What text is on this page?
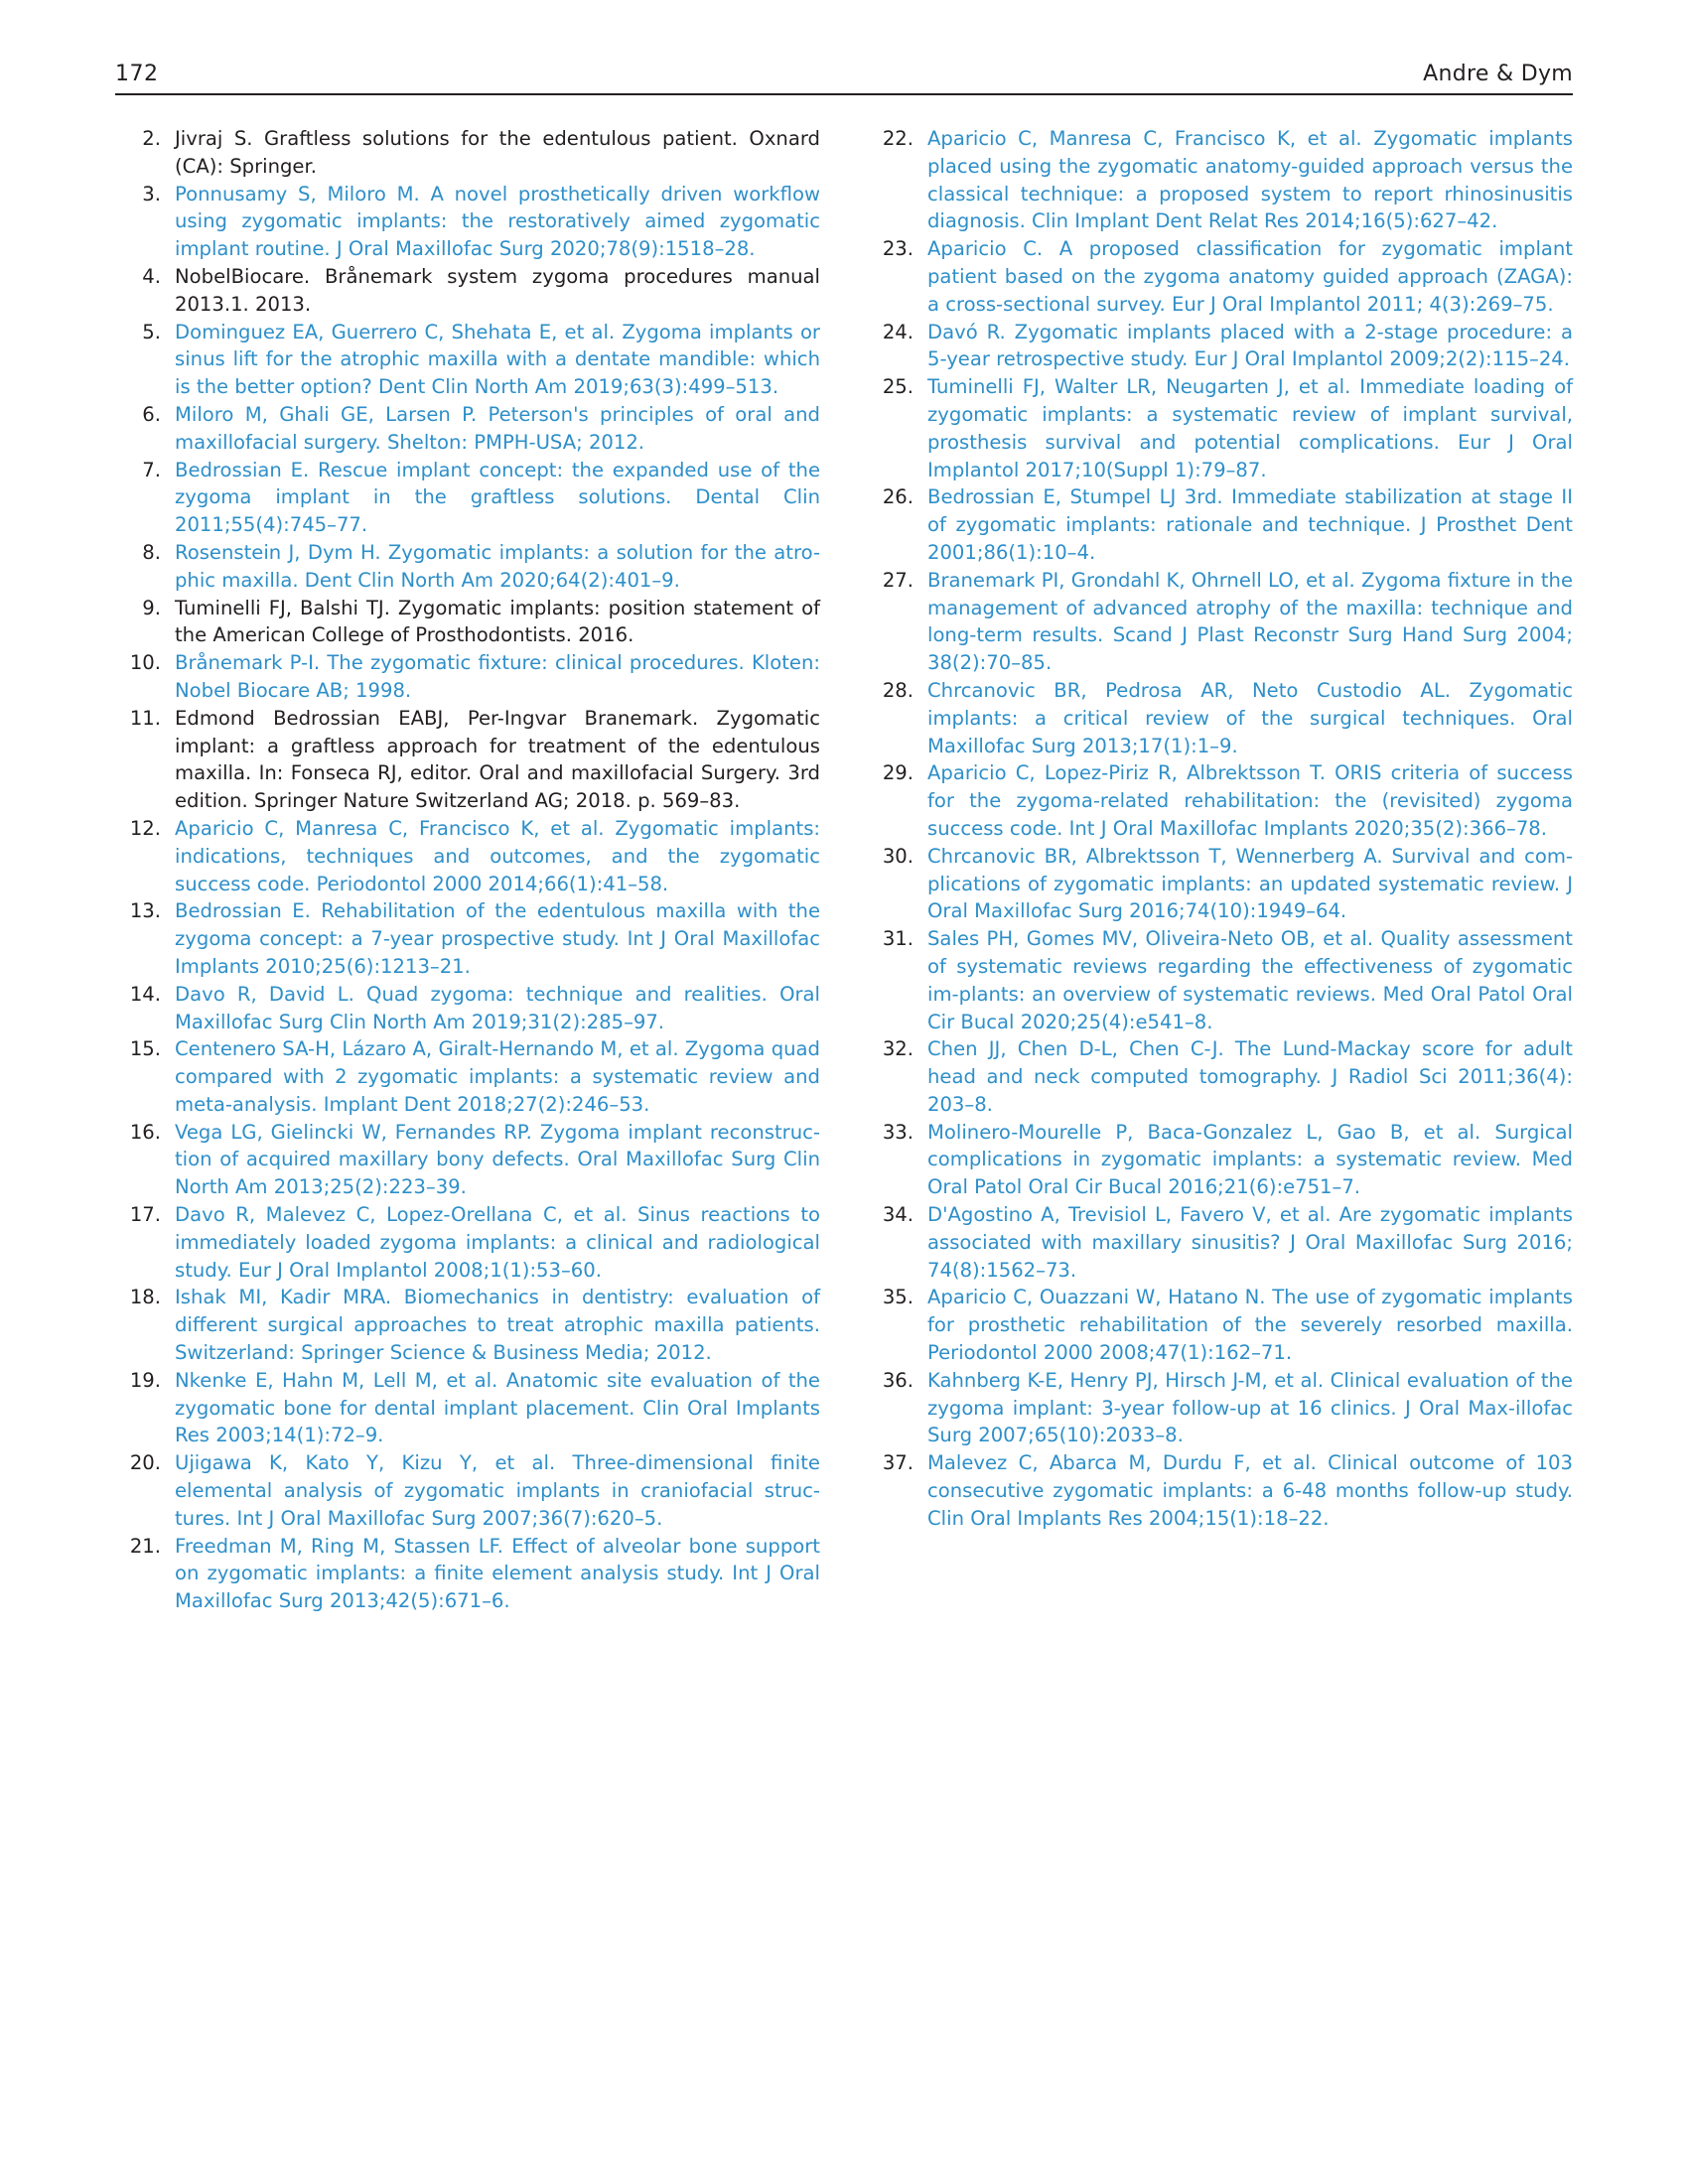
172	Andre & Dym
2. Jivraj S. Graftless solutions for the edentulous patient. Oxnard (CA): Springer.
3. Ponnusamy S, Miloro M. A novel prosthetically driven workflow using zygomatic implants: the restoratively aimed zygomatic implant routine. J Oral Maxillofac Surg 2020;78(9):1518–28.
4. NobelBiocare. Brånemark system zygoma procedures manual 2013.1. 2013.
5. Dominguez EA, Guerrero C, Shehata E, et al. Zygoma implants or sinus lift for the atrophic maxilla with a dentate mandible: which is the better option? Dent Clin North Am 2019;63(3):499–513.
6. Miloro M, Ghali GE, Larsen P. Peterson's principles of oral and maxillofacial surgery. Shelton: PMPH-USA; 2012.
7. Bedrossian E. Rescue implant concept: the expanded use of the zygoma implant in the graftless solutions. Dental Clin 2011;55(4):745–77.
8. Rosenstein J, Dym H. Zygomatic implants: a solution for the atro-phic maxilla. Dent Clin North Am 2020;64(2):401–9.
9. Tuminelli FJ, Balshi TJ. Zygomatic implants: position statement of the American College of Prosthodontists. 2016.
10. Brånemark P-I. The zygomatic fixture: clinical procedures. Kloten: Nobel Biocare AB; 1998.
11. Edmond Bedrossian EABJ, Per-Ingvar Branemark. Zygomatic implant: a graftless approach for treatment of the edentulous maxilla. In: Fonseca RJ, editor. Oral and maxillofacial Surgery. 3rd edition. Springer Nature Switzerland AG; 2018. p. 569–83.
12. Aparicio C, Manresa C, Francisco K, et al. Zygomatic implants: indications, techniques and outcomes, and the zygomatic success code. Periodontol 2000 2014;66(1):41–58.
13. Bedrossian E. Rehabilitation of the edentulous maxilla with the zygoma concept: a 7-year prospective study. Int J Oral Maxillofac Implants 2010;25(6):1213–21.
14. Davo R, David L. Quad zygoma: technique and realities. Oral Maxillofac Surg Clin North Am 2019;31(2):285–97.
15. Centenero SA-H, Lázaro A, Giralt-Hernando M, et al. Zygoma quad compared with 2 zygomatic implants: a systematic review and meta-analysis. Implant Dent 2018;27(2):246–53.
16. Vega LG, Gielincki W, Fernandes RP. Zygoma implant reconstruc-tion of acquired maxillary bony defects. Oral Maxillofac Surg Clin North Am 2013;25(2):223–39.
17. Davo R, Malevez C, Lopez-Orellana C, et al. Sinus reactions to immediately loaded zygoma implants: a clinical and radiological study. Eur J Oral Implantol 2008;1(1):53–60.
18. Ishak MI, Kadir MRA. Biomechanics in dentistry: evaluation of different surgical approaches to treat atrophic maxilla patients. Switzerland: Springer Science & Business Media; 2012.
19. Nkenke E, Hahn M, Lell M, et al. Anatomic site evaluation of the zygomatic bone for dental implant placement. Clin Oral Implants Res 2003;14(1):72–9.
20. Ujigawa K, Kato Y, Kizu Y, et al. Three-dimensional finite elemental analysis of zygomatic implants in craniofacial struc-tures. Int J Oral Maxillofac Surg 2007;36(7):620–5.
21. Freedman M, Ring M, Stassen LF. Effect of alveolar bone support on zygomatic implants: a finite element analysis study. Int J Oral Maxillofac Surg 2013;42(5):671–6.
22. Aparicio C, Manresa C, Francisco K, et al. Zygomatic implants placed using the zygomatic anatomy-guided approach versus the classical technique: a proposed system to report rhinosinusitis diagnosis. Clin Implant Dent Relat Res 2014;16(5):627–42.
23. Aparicio C. A proposed classification for zygomatic implant patient based on the zygoma anatomy guided approach (ZAGA): a cross-sectional survey. Eur J Oral Implantol 2011; 4(3):269–75.
24. Davó R. Zygomatic implants placed with a 2-stage procedure: a 5-year retrospective study. Eur J Oral Implantol 2009;2(2):115–24.
25. Tuminelli FJ, Walter LR, Neugarten J, et al. Immediate loading of zygomatic implants: a systematic review of implant survival, prosthesis survival and potential complications. Eur J Oral Implantol 2017;10(Suppl 1):79–87.
26. Bedrossian E, Stumpel LJ 3rd. Immediate stabilization at stage II of zygomatic implants: rationale and technique. J Prosthet Dent 2001;86(1):10–4.
27. Branemark PI, Grondahl K, Ohrnell LO, et al. Zygoma fixture in the management of advanced atrophy of the maxilla: technique and long-term results. Scand J Plast Reconstr Surg Hand Surg 2004; 38(2):70–85.
28. Chrcanovic BR, Pedrosa AR, Neto Custodio AL. Zygomatic implants: a critical review of the surgical techniques. Oral Maxillofac Surg 2013;17(1):1–9.
29. Aparicio C, Lopez-Piriz R, Albrektsson T. ORIS criteria of success for the zygoma-related rehabilitation: the (revisited) zygoma success code. Int J Oral Maxillofac Implants 2020;35(2):366–78.
30. Chrcanovic BR, Albrektsson T, Wennerberg A. Survival and com-plications of zygomatic implants: an updated systematic review. J Oral Maxillofac Surg 2016;74(10):1949–64.
31. Sales PH, Gomes MV, Oliveira-Neto OB, et al. Quality assessment of systematic reviews regarding the effectiveness of zygomatic im-plants: an overview of systematic reviews. Med Oral Patol Oral Cir Bucal 2020;25(4):e541–8.
32. Chen JJ, Chen D-L, Chen C-J. The Lund-Mackay score for adult head and neck computed tomography. J Radiol Sci 2011;36(4): 203–8.
33. Molinero-Mourelle P, Baca-Gonzalez L, Gao B, et al. Surgical complications in zygomatic implants: a systematic review. Med Oral Patol Oral Cir Bucal 2016;21(6):e751–7.
34. D'Agostino A, Trevisiol L, Favero V, et al. Are zygomatic implants associated with maxillary sinusitis? J Oral Maxillofac Surg 2016; 74(8):1562–73.
35. Aparicio C, Ouazzani W, Hatano N. The use of zygomatic implants for prosthetic rehabilitation of the severely resorbed maxilla. Periodontol 2000 2008;47(1):162–71.
36. Kahnberg K-E, Henry PJ, Hirsch J-M, et al. Clinical evaluation of the zygoma implant: 3-year follow-up at 16 clinics. J Oral Max-illofac Surg 2007;65(10):2033–8.
37. Malevez C, Abarca M, Durdu F, et al. Clinical outcome of 103 consecutive zygomatic implants: a 6-48 months follow-up study. Clin Oral Implants Res 2004;15(1):18–22.
